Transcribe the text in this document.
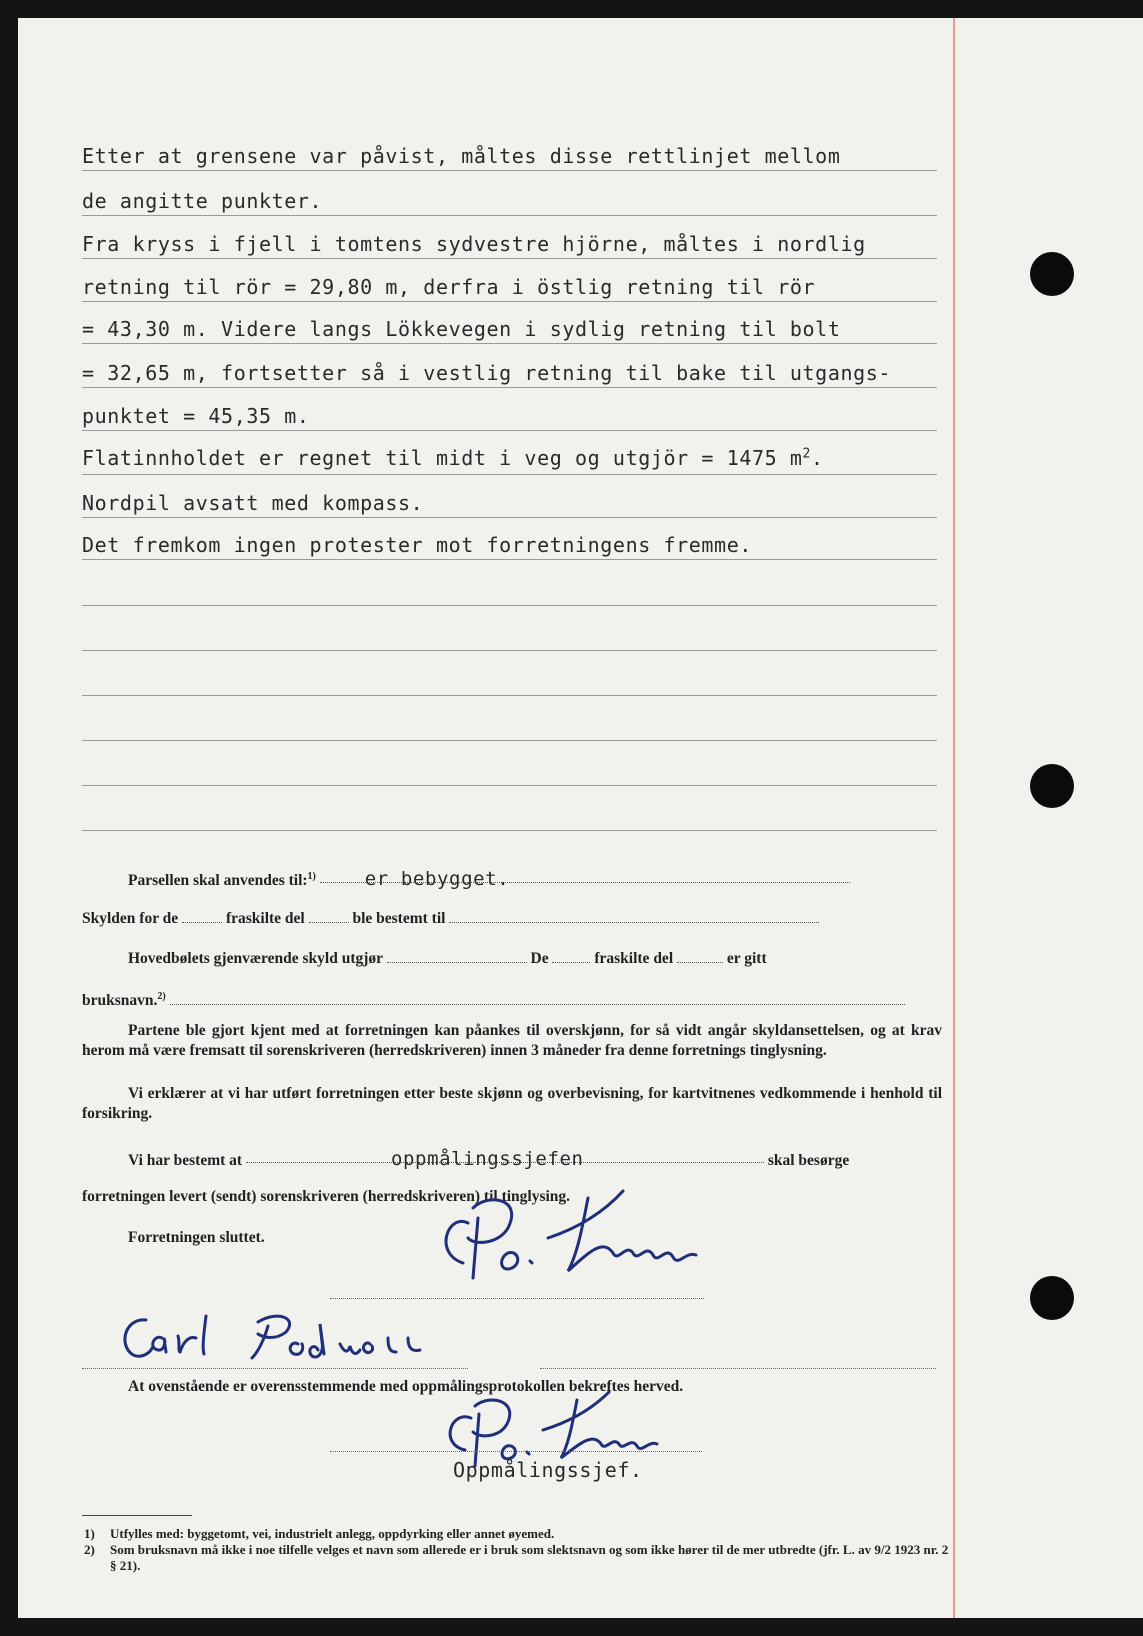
Etter at grensene var påvist, måltes disse rettlinjet mellom
de angitte punkter.
Fra kryss i fjell i tomtens sydvestre hjörne, måltes i nordlig
retning til rör = 29,80 m, derfra i östlig retning til rör
= 43,30 m. Videre langs Lökkevegen i sydlig retning til bolt
= 32,65 m, fortsetter så i vestlig retning til bake til utgangs-
punktet = 45,35 m.
Flatinnholdet er regnet til midt i veg og utgjör = 1475 $m^2$.
Nordpil avsatt med kompass.
Det fremkom ingen protester mot forretningens fremme.
Parsellen skal anvendes til:$^{1)}$	er bebygget.
Skylden for de	fraskilte del	ble bestemt til
Hovedbølets gjenværende skyld utgjør	De	fraskilte del	er gitt
bruksnavn.$^{2)}$
Partene ble gjort kjent med at forretningen kan påankes til overskjønn, for så vidt angår skyldansettelsen, og at krav herom må være fremsatt til sorenskriveren (herredskriveren) innen 3 måneder fra denne forretnings tinglysning.
Vi erklærer at vi har utført forretningen etter beste skjønn og overbevisning, for kartvitnenes vedkommende i henhold til forsikring.
Vi har bestemt at	oppmålingssjefen	skal besørge
forretningen levert (sendt) sorenskriveren (herredskriveren) til tinglysing.
Forretningen sluttet.
At ovenstående er overensstemmende med oppmålingsprotokollen bekreftes herved.
Oppmålingssjef.
1) Utfylles med: byggetomt, vei, industrielt anlegg, oppdyrking eller annet øyemed.
2) Som bruksnavn må ikke i noe tilfelle velges et navn som allerede er i bruk som slektsnavn og som ikke hører til de mer utbredte (jfr. L. av 9/2 1923 nr. 2 § 21).
